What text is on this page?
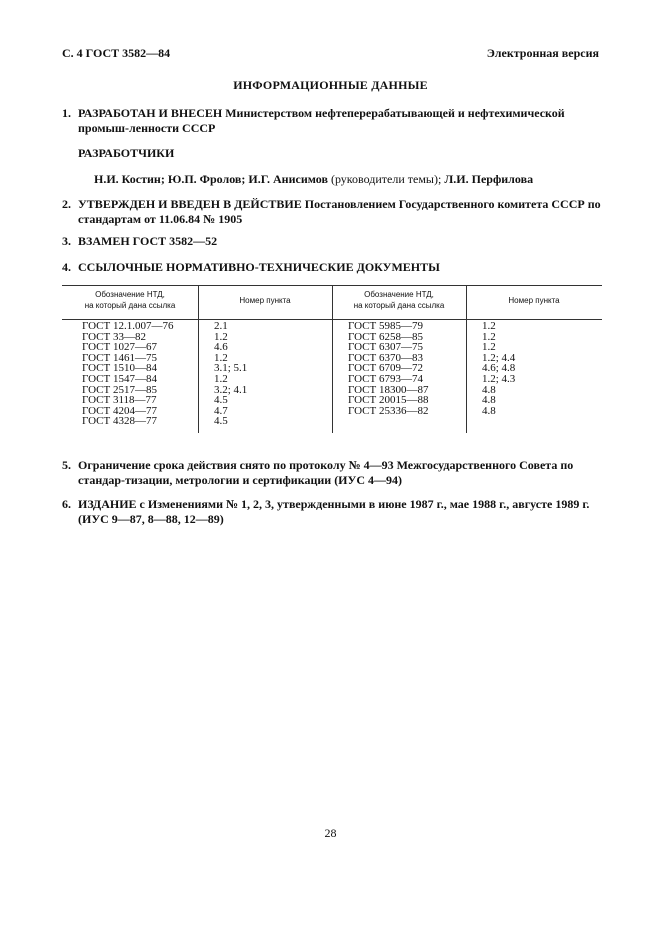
С. 4 ГОСТ 3582—84	Электронная версия
ИНФОРМАЦИОННЫЕ ДАННЫЕ
1. РАЗРАБОТАН И ВНЕСЕН Министерством нефтеперерабатывающей и нефтехимической промыш-ленности СССР
РАЗРАБОТЧИКИ
Н.И. Костин; Ю.П. Фролов; И.Г. Анисимов (руководители темы); Л.И. Перфилова
2. УТВЕРЖДЕН И ВВЕДЕН В ДЕЙСТВИЕ Постановлением Государственного комитета СССР по стандартам от 11.06.84 № 1905
3. ВЗАМЕН ГОСТ 3582—52
4. ССЫЛОЧНЫЕ НОРМАТИВНО-ТЕХНИЧЕСКИЕ ДОКУМЕНТЫ
Обозначение НТД,
на который дана ссылка
Номер пункта
Обозначение НТД,
на который дана ссылка
Номер пункта
ГОСТ 12.1.007—76
ГОСТ 33—82
ГОСТ 1027—67
ГОСТ 1461—75
ГОСТ 1510—84
ГОСТ 1547—84
ГОСТ 2517—85
ГОСТ 3118—77
ГОСТ 4204—77
ГОСТ 4328—77
2.1
1.2
4.6
1.2
3.1; 5.1
1.2
3.2; 4.1
4.5
4.7
4.5
ГОСТ 5985—79
ГОСТ 6258—85
ГОСТ 6307—75
ГОСТ 6370—83
ГОСТ 6709—72
ГОСТ 6793—74
ГОСТ 18300—87
ГОСТ 20015—88
ГОСТ 25336—82
1.2
1.2
1.2
1.2; 4.4
4.6; 4.8
1.2; 4.3
4.8
4.8
4.8
5. Ограничение срока действия снято по протоколу № 4—93 Межгосударственного Совета по стандар-тизации, метрологии и сертификации (ИУС 4—94)
6. ИЗДАНИЕ с Изменениями № 1, 2, 3, утвержденными в июне 1987 г., мае 1988 г., августе 1989 г. (ИУС 9—87, 8—88, 12—89)
28
